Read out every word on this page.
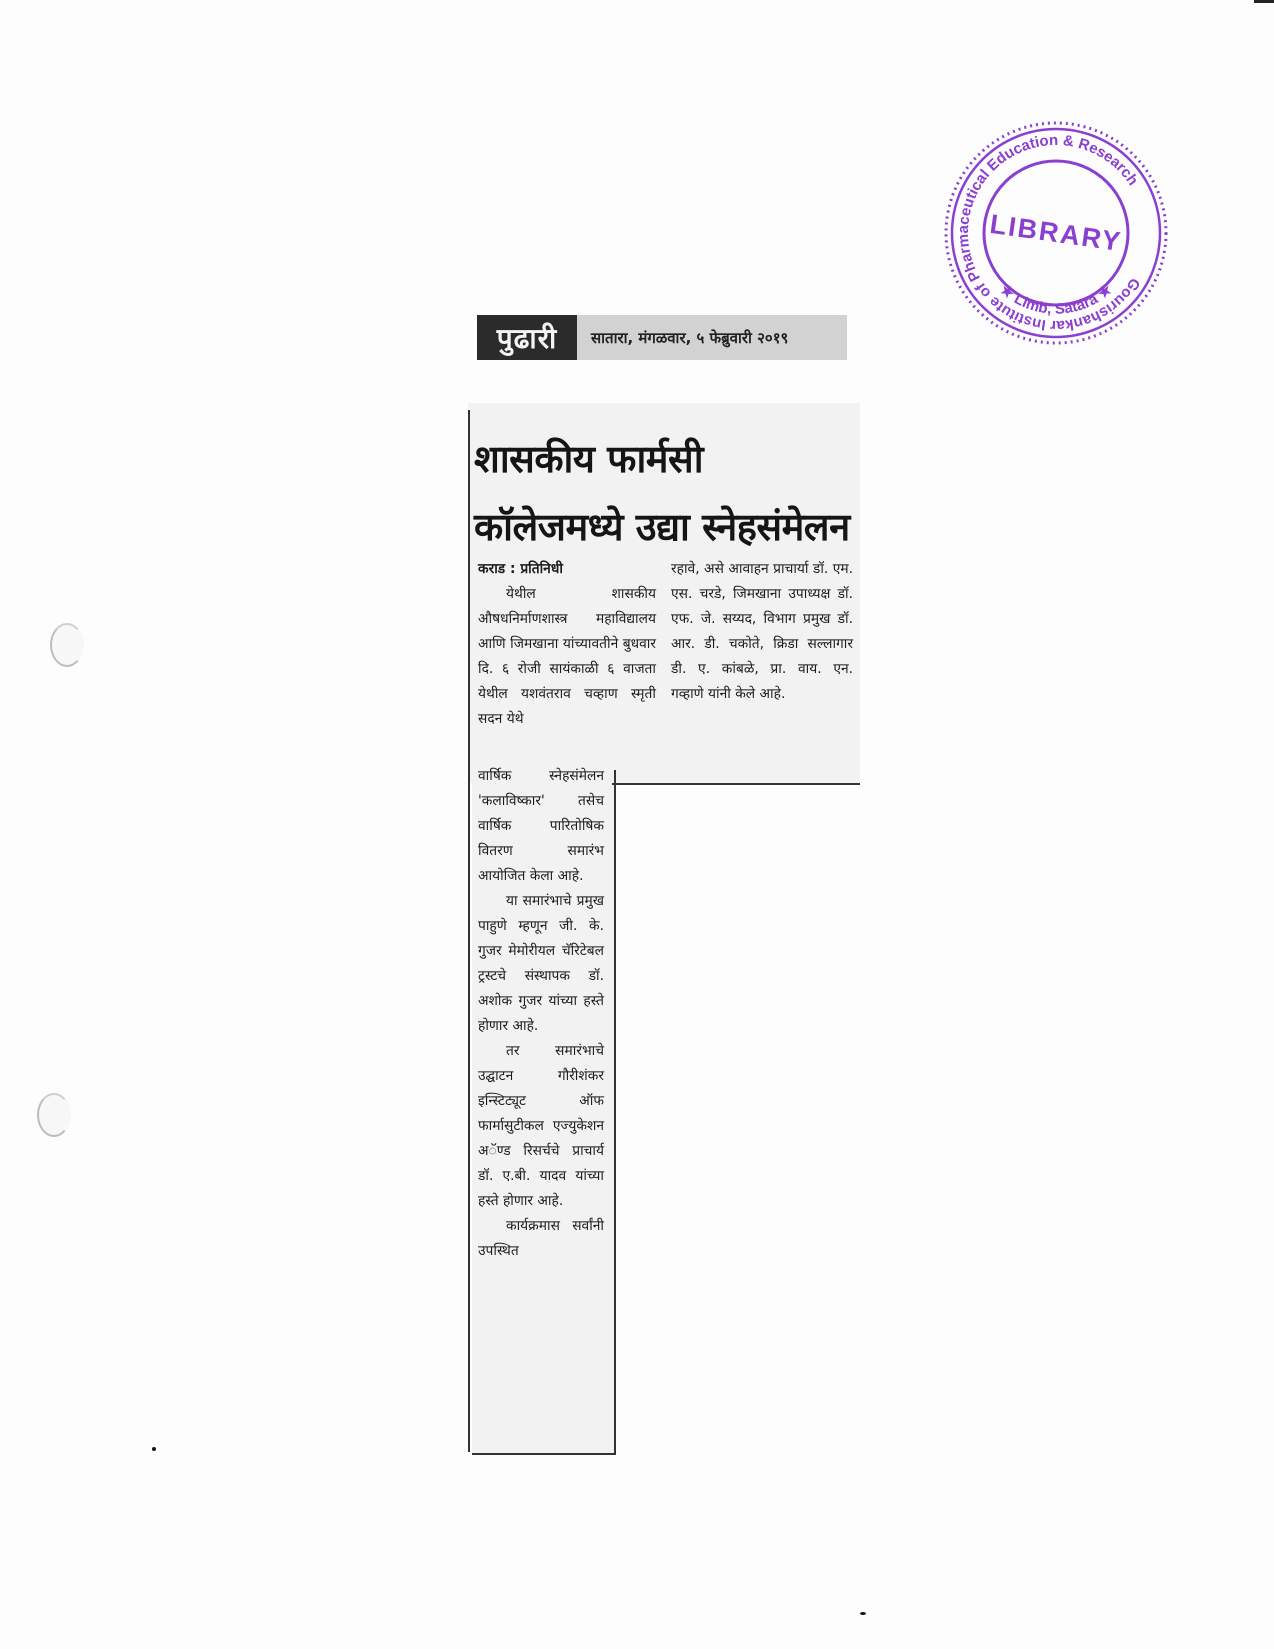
पुढारी	सातारा, मंगळवार, ५ फेब्रुवारी २०१९
शासकीय फार्मसी
कॉलेजमध्ये उद्या स्नेहसंमेलन

कराड : प्रतिनिधी

येथील शासकीय औषधनिर्माणशास्त्र महाविद्यालय आणि जिमखाना यांच्यावतीने बुधवार दि. ६ रोजी सायंकाळी ६ वाजता येथील यशवंतराव चव्हाण स्मृती सदन येथे

रहावे, असे आवाहन प्राचार्या डॉ. एम. एस. चरडे, जिमखाना उपाध्यक्ष डॉ. एफ. जे. सय्यद, विभाग प्रमुख डॉ. आर. डी. चकोते, क्रिडा सल्लागार डी. ए. कांबळे, प्रा. वाय. एन. गव्हाणे यांनी केले आहे.

वार्षिक स्नेहसंमेलन 'कलाविष्कार' तसेच वार्षिक पारितोषिक वितरण समारंभ आयोजित केला आहे.

या समारंभाचे प्रमुख पाहुणे म्हणून जी. के. गुजर मेमोरीयल चॅरिटेबल ट्रस्टचे संस्थापक डॉ. अशोक गुजर यांच्या हस्ते होणार आहे.

तर समारंभाचे उद्घाटन गौरीशंकर इन्स्टिट्यूट ऑफ फार्मासुटीकल एज्युकेशन अॅण्ड रिसर्चचे प्राचार्य डॉ. ए.बी. यादव यांच्या हस्ते होणार आहे.

कार्यक्रमास सर्वांनी उपस्थित

Gourishankar Institute of Pharmaceutical Education & Research
★ Limb, Satara ★
LIBRARY
